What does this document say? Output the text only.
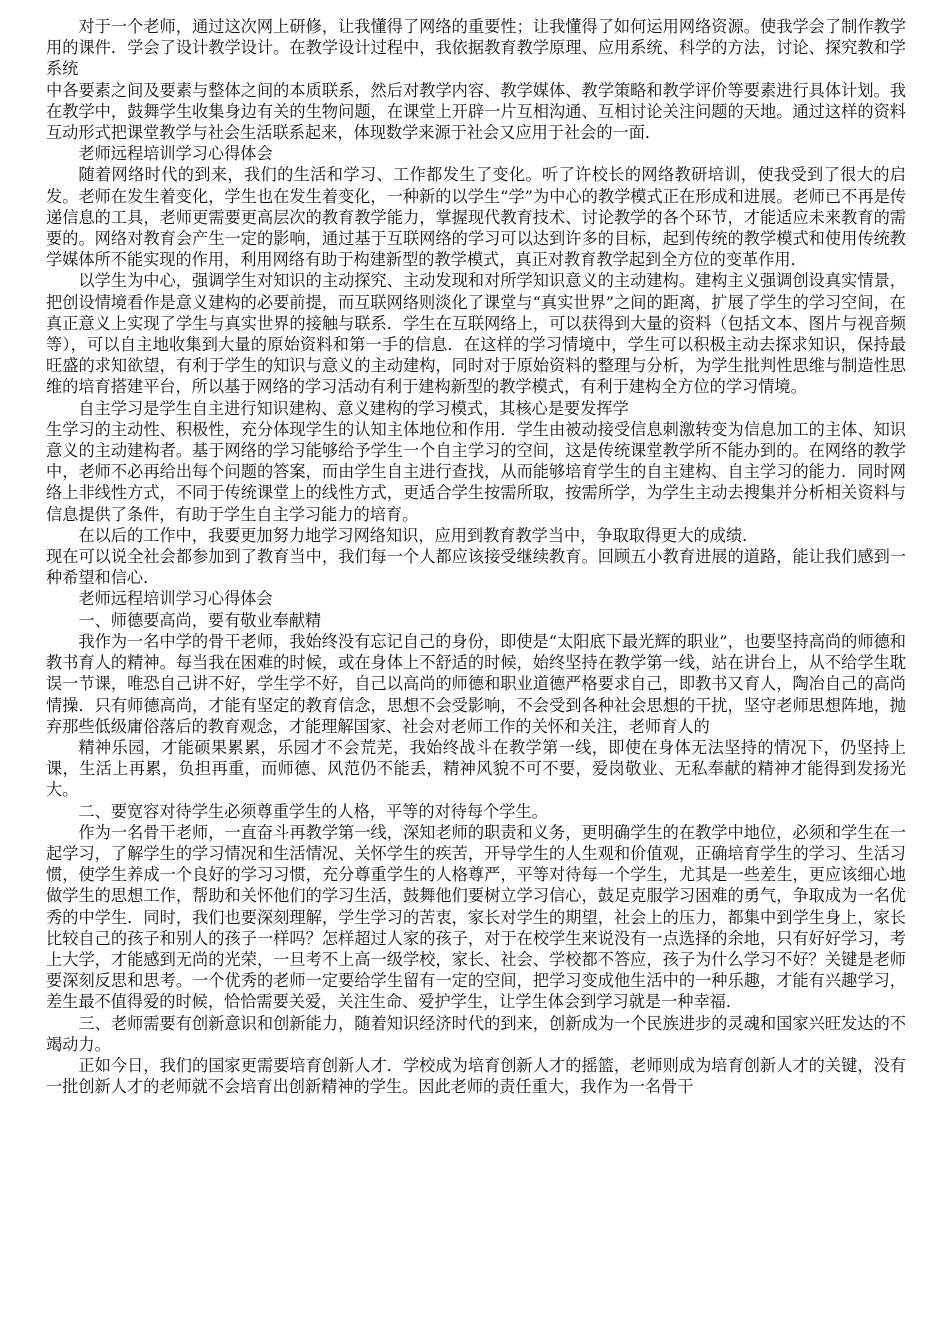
对于一个老师，通过这次网上研修，让我懂得了网络的重要性；让我懂得了如何运用网络资源。使我学会了制作教学用的课件．学会了设计教学设计。在教学设计过程中，我依据教育教学原理、应用系统、科学的方法，讨论、探究教和学系统

中各要素之间及要素与整体之间的本质联系，然后对教学内容、教学媒体、教学策略和教学评价等要素进行具体计划。我在教学中，鼓舞学生收集身边有关的生物问题，在课堂上开辟一片互相沟通、互相讨论关注问题的天地。通过这样的资料互动形式把课堂教学与社会生活联系起来，体现数学来源于社会又应用于社会的一面．

老师远程培训学习心得体会

随着网络时代的到来，我们的生活和学习、工作都发生了变化。听了许校长的网络教研培训，使我受到了很大的启发。老师在发生着变化，学生也在发生着变化，一种新的以学生“学”为中心的教学模式正在形成和进展。老师已不再是传递信息的工具，老师更需要更高层次的教育教学能力，掌握现代教育技术、讨论教学的各个环节，才能适应未来教育的需要的。网络对教育会产生一定的影响，通过基于互联网络的学习可以达到许多的目标，起到传统的教学模式和使用传统教学媒体所不能实现的作用，利用网络有助于构建新型的教学模式，真正对教育教学起到全方位的变革作用．

以学生为中心，强调学生对知识的主动探究、主动发现和对所学知识意义的主动建构。建构主义强调创设真实情景，把创设情境看作是意义建构的必要前提，而互联网络则淡化了课堂与“真实世界”之间的距离，扩展了学生的学习空间，在真正意义上实现了学生与真实世界的接触与联系．学生在互联网络上，可以获得到大量的资料（包括文本、图片与视音频等），可以自主地收集到大量的原始资料和第一手的信息．在这样的学习情境中，学生可以积极主动去探求知识，保持最旺盛的求知欲望，有利于学生的知识与意义的主动建构，同时对于原始资料的整理与分析，为学生批判性思维与制造性思维的培育搭建平台，所以基于网络的学习活动有利于建构新型的教学模式，有利于建构全方位的学习情境。

自主学习是学生自主进行知识建构、意义建构的学习模式，其核心是要发挥学

生学习的主动性、积极性，充分体现学生的认知主体地位和作用．学生由被动接受信息刺激转变为信息加工的主体、知识意义的主动建构者。基于网络的学习能够给予学生一个自主学习的空间，这是传统课堂教学所不能办到的。在网络的教学中，老师不必再给出每个问题的答案，而由学生自主进行查找，从而能够培育学生的自主建构、自主学习的能力．同时网络上非线性方式，不同于传统课堂上的线性方式，更适合学生按需所取，按需所学，为学生主动去搜集并分析相关资料与信息提供了条件，有助于学生自主学习能力的培育。

在以后的工作中，我要更加努力地学习网络知识，应用到教育教学当中，争取取得更大的成绩．

现在可以说全社会都参加到了教育当中，我们每一个人都应该接受继续教育。回顾五小教育进展的道路，能让我们感到一种希望和信心．

老师远程培训学习心得体会

一、师德要高尚，要有敬业奉献精

我作为一名中学的骨干老师，我始终没有忘记自己的身份，即使是“太阳底下最光辉的职业”，也要坚持高尚的师德和教书育人的精神。每当我在困难的时候，或在身体上不舒适的时候，始终坚持在教学第一线，站在讲台上，从不给学生耽误一节课，唯恐自己讲不好，学生学不好，自己以高尚的师德和职业道德严格要求自己，即教书又育人，陶冶自己的高尚情操．只有师德高尚，才能有坚定的教育信念，思想不会受影响，不会受到各种社会思想的干扰，坚守老师思想阵地，抛弃那些低级庸俗落后的教育观念，才能理解国家、社会对老师工作的关怀和关注，老师育人的

精神乐园，才能硕果累累，乐园才不会荒芜，我始终战斗在教学第一线，即使在身体无法坚持的情况下，仍坚持上课，生活上再累，负担再重，而师德、风范仍不能丢，精神风貌不可不要，爱岗敬业、无私奉献的精神才能得到发扬光大。

二、要宽容对待学生必须尊重学生的人格，平等的对待每个学生。

作为一名骨干老师，一直奋斗再教学第一线，深知老师的职责和义务，更明确学生的在教学中地位，必须和学生在一起学习，了解学生的学习情况和生活情况、关怀学生的疾苦，开导学生的人生观和价值观，正确培育学生的学习、生活习惯，使学生养成一个良好的学习习惯，充分尊重学生的人格尊严，平等对待每一个学生，尤其是一些差生，更应该细心地做学生的思想工作，帮助和关怀他们的学习生活，鼓舞他们要树立学习信心，鼓足克服学习困难的勇气，争取成为一名优秀的中学生．同时，我们也要深刻理解，学生学习的苦衷，家长对学生的期望，社会上的压力，都集中到学生身上，家长比较自己的孩子和别人的孩子一样吗？怎样超过人家的孩子，对于在校学生来说没有一点选择的余地，只有好好学习，考上大学，才能感到无尚的光荣，一旦考不上高一级学校，家长、社会、学校都不答应，孩子为什么学习不好？关键是老师要深刻反思和思考。一个优秀的老师一定要给学生留有一定的空间，把学习变成他生活中的一种乐趣，才能有兴趣学习，差生最不值得爱的时候，恰恰需要关爱，关注生命、爱护学生，让学生体会到学习就是一种幸福．

三、老师需要有创新意识和创新能力，随着知识经济时代的到来，创新成为一个民族进步的灵魂和国家兴旺发达的不竭动力。

正如今日，我们的国家更需要培育创新人才．学校成为培育创新人才的摇篮，老师则成为培育创新人才的关键，没有一批创新人才的老师就不会培育出创新精神的学生。因此老师的责任重大，我作为一名骨干
